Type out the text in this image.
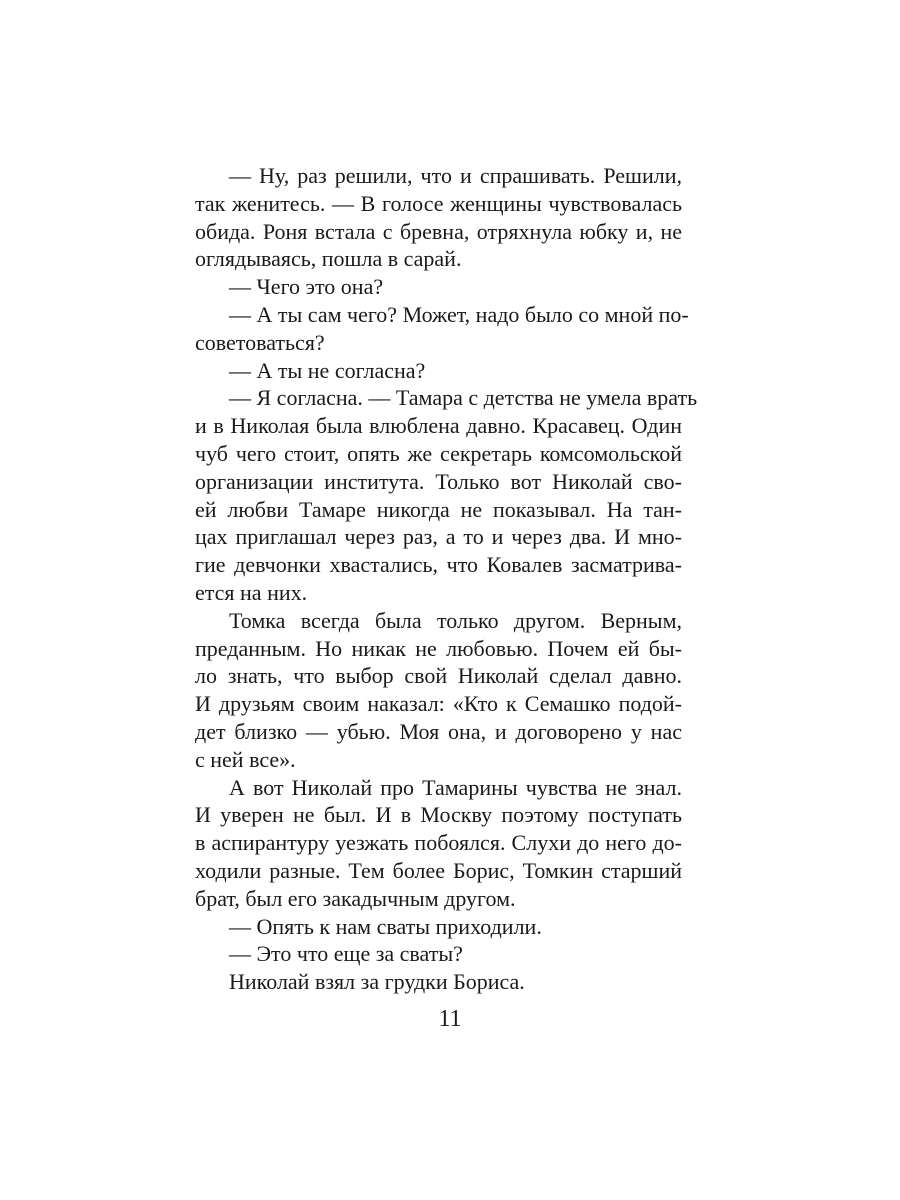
— Ну, раз решили, что и спрашивать. Решили,
так женитесь. — В голосе женщины чувствовалась
обида. Роня встала с бревна, отряхнула юбку и, не
оглядываясь, пошла в сарай.
— Чего это она?
— А ты сам чего? Может, надо было со мной по-
советоваться?
— А ты не согласна?
— Я согласна. — Тамара с детства не умела врать
и в Николая была влюблена давно. Красавец. Один
чуб чего стоит, опять же секретарь комсомольской
организации института. Только вот Николай сво-
ей любви Тамаре никогда не показывал. На тан-
цах приглашал через раз, а то и через два. И мно-
гие девчонки хвастались, что Ковалев засматрива-
ется на них.
Томка всегда была только другом. Верным,
преданным. Но никак не любовью. Почем ей бы-
ло знать, что выбор свой Николай сделал давно.
И друзьям своим наказал: «Кто к Семашко подой-
дет близко — убью. Моя она, и договорено у нас
с ней все».
А вот Николай про Тамарины чувства не знал.
И уверен не был. И в Москву поэтому поступать
в аспирантуру уезжать побоялся. Слухи до него до-
ходили разные. Тем более Борис, Томкин старший
брат, был его закадычным другом.
— Опять к нам сваты приходили.
— Это что еще за сваты?
Николай взял за грудки Бориса.
11
